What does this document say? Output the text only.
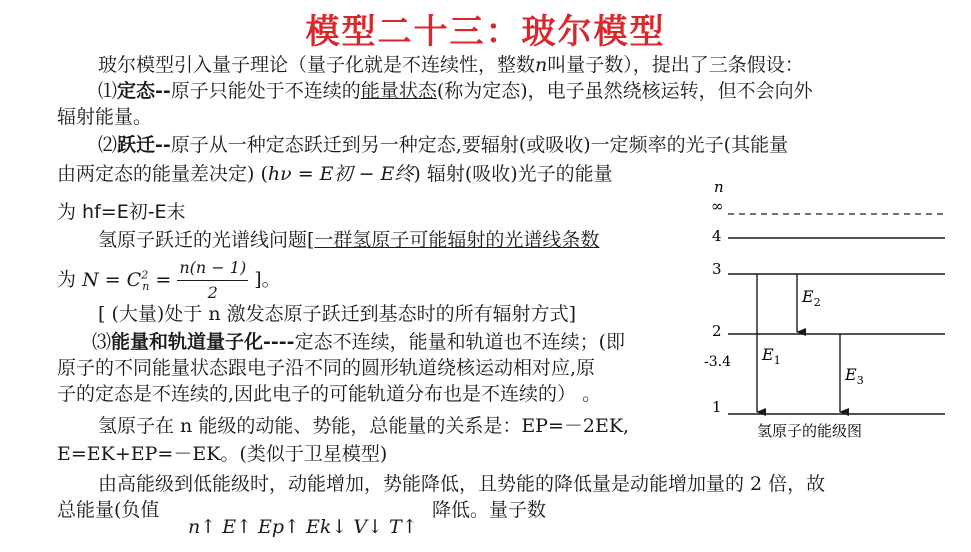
模型二十三：玻尔模型
玻尔模型引入量子理论（量子化就是不连续性，整数n叫量子数），提出了三条假设：
⑴定态--原子只能处于不连续的能量状态(称为定态)，电子虽然绕核运转，但不会向外
辐射能量。
⑵跃迁--原子从一种定态跃迁到另一种定态,要辐射(或吸收)一定频率的光子(其能量
由两定态的能量差决定) (hν = E初 − E终) 辐射(吸收)光子的能量
为 hf=E初-E末
氢原子跃迁的光谱线问题[一群氢原子可能辐射的光谱线条数
为 $N = C^2_n = \frac{n(n - 1)}{2}$ ]。
[ (大量)处于 n 激发态原子跃迁到基态时的所有辐射方式]
⑶能量和轨道量子化----定态不连续，能量和轨道也不连续；(即
原子的不同能量状态跟电子沿不同的圆形轨道绕核运动相对应,原
子的定态是不连续的,因此电子的可能轨道分布也是不连续的） 。
氢原子在 n 能级的动能、势能，总能量的关系是：EP=－2EK,
E=EK+EP=－EK。(类似于卫星模型)
由高能级到低能级时，动能增加，势能降低，且势能的降低量是动能增加量的 2 倍，故
总能量(负值	降低。量子数
n↑ E↑ Ep↑ Ek↓ V↓ T↑
n
∞
4
3
2
-3.4
1
$E_1$
$E_2$
$E_3$
氢原子的能级图
